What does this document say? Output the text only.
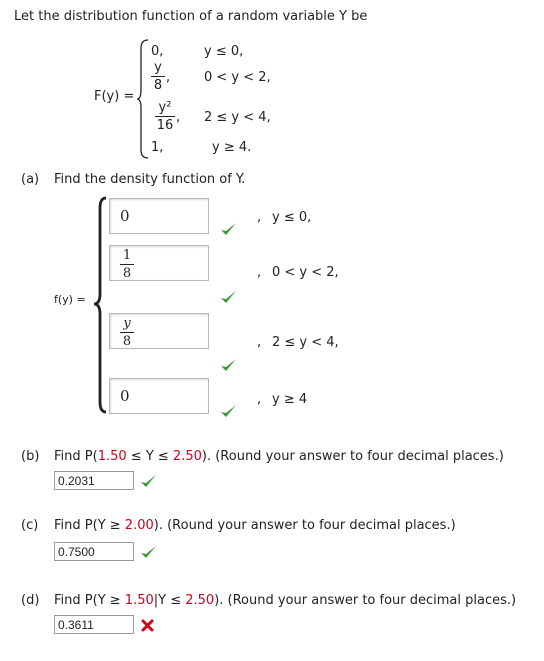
Let the distribution function of a random variable Y be
F(y) =
0,	y ≤ 0,
y
8
,	0 < y < 2,
y²
16
, 2 ≤ y < 4,
1,	y ≥ 4.
(a) Find the density function of Y.
f(y) =
0	, y ≤ 0,
1
8	, 0 < y < 2,
y
8	, 2 ≤ y < 4,
0	, y ≥ 4
(b) Find P(1.50 ≤ Y ≤ 2.50). (Round your answer to four decimal places.)
0.2031
(c) Find P(Y ≥ 2.00). (Round your answer to four decimal places.)
0.7500
(d) Find P(Y ≥ 1.50|Y ≤ 2.50). (Round your answer to four decimal places.)
0.3611
